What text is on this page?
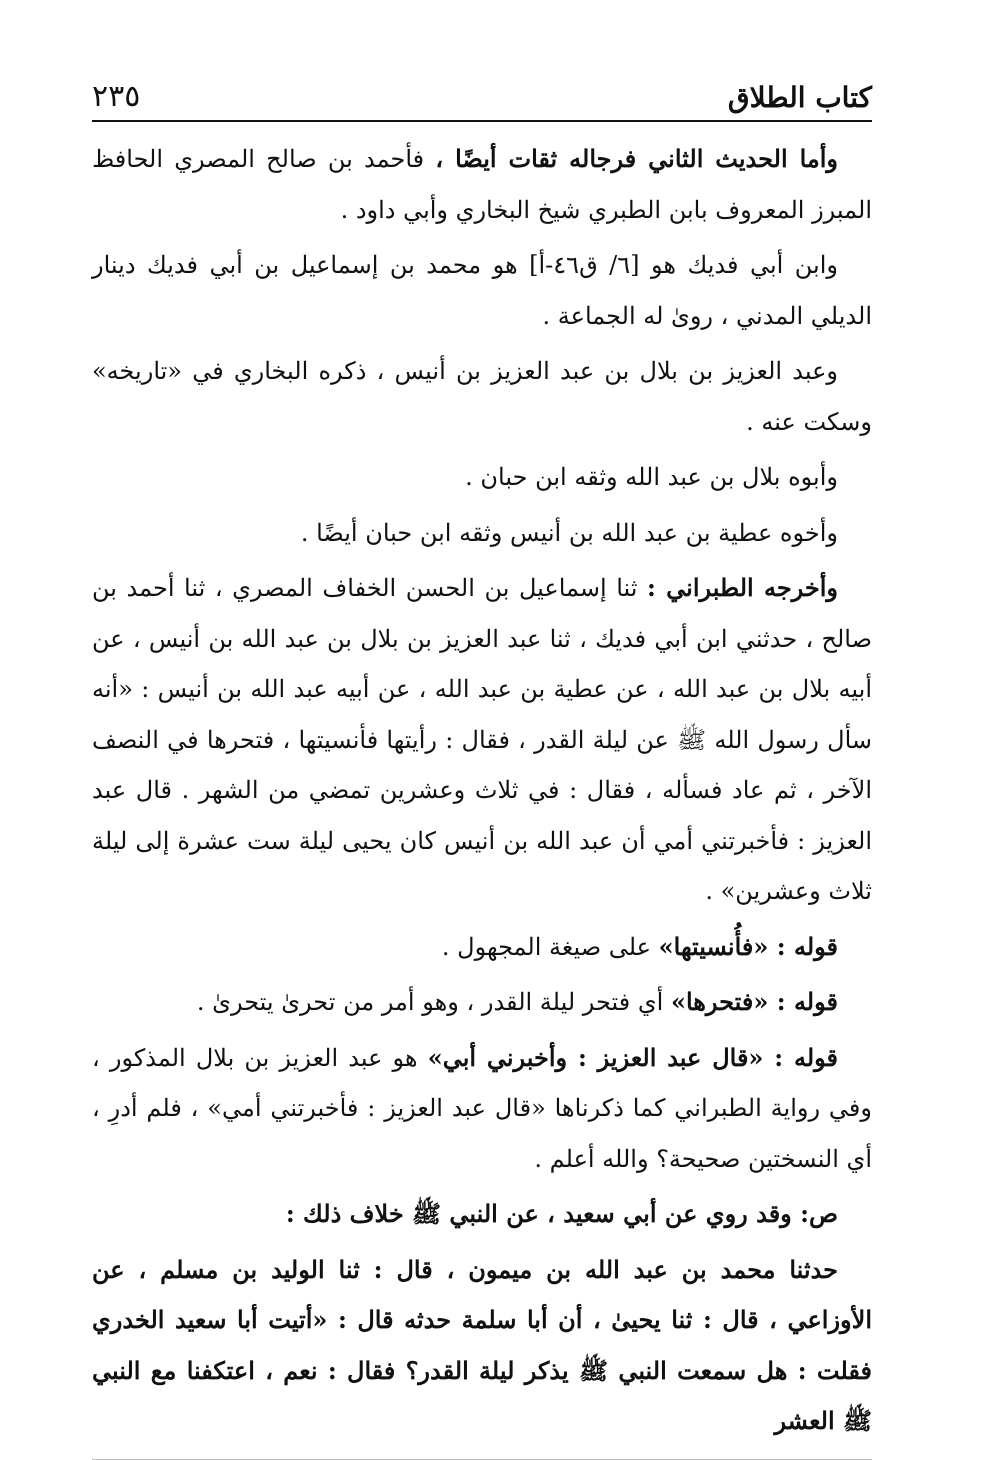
كتاب الطلاق
٢٣٥

وأما الحديث الثاني فرجاله ثقات أيضًا ، فأحمد بن صالح المصري الحافظ المبرز المعروف بابن الطبري شيخ البخاري وأبي داود .

وابن أبي فديك هو [٦/ ق٤٦-أ] هو محمد بن إسماعيل بن أبي فديك دينار الديلي المدني ، روىٰ له الجماعة .

وعبد العزيز بن بلال بن عبد العزيز بن أنيس ، ذكره البخاري في «تاريخه» وسكت عنه .

وأبوه بلال بن عبد الله وثقه ابن حبان .

وأخوه عطية بن عبد الله بن أنيس وثقه ابن حبان أيضًا .

وأخرجه الطبراني : ثنا إسماعيل بن الحسن الخفاف المصري ، ثنا أحمد بن صالح ، حدثني ابن أبي فديك ، ثنا عبد العزيز بن بلال بن عبد الله بن أنيس ، عن أبيه بلال بن عبد الله ، عن عطية بن عبد الله ، عن أبيه عبد الله بن أنيس : «أنه سأل رسول الله ﷺ عن ليلة القدر ، فقال : رأيتها فأنسيتها ، فتحرها في النصف الآخر ، ثم عاد فسأله ، فقال : في ثلاث وعشرين تمضي من الشهر . قال عبد العزيز : فأخبرتني أمي أن عبد الله بن أنيس كان يحيى ليلة ست عشرة إلى ليلة ثلاث وعشرين» .

قوله : «فأُنسيتها» على صيغة المجهول .

قوله : «فتحرها» أي فتحر ليلة القدر ، وهو أمر من تحرىٰ يتحرىٰ .

قوله : «قال عبد العزيز : وأخبرني أبي» هو عبد العزيز بن بلال المذكور ، وفي رواية الطبراني كما ذكرناها «قال عبد العزيز : فأخبرتني أمي» ، فلم أدرِ ، أي النسختين صحيحة؟ والله أعلم .

ص: وقد روي عن أبي سعيد ، عن النبي ﷺ خلاف ذلك :

حدثنا محمد بن عبد الله بن ميمون ، قال : ثنا الوليد بن مسلم ، عن الأوزاعي ، قال : ثنا يحيىٰ ، أن أبا سلمة حدثه قال : «أتيت أبا سعيد الخدري فقلت : هل سمعت النبي ﷺ يذكر ليلة القدر؟ فقال : نعم ، اعتكفنا مع النبي ﷺ العشر
